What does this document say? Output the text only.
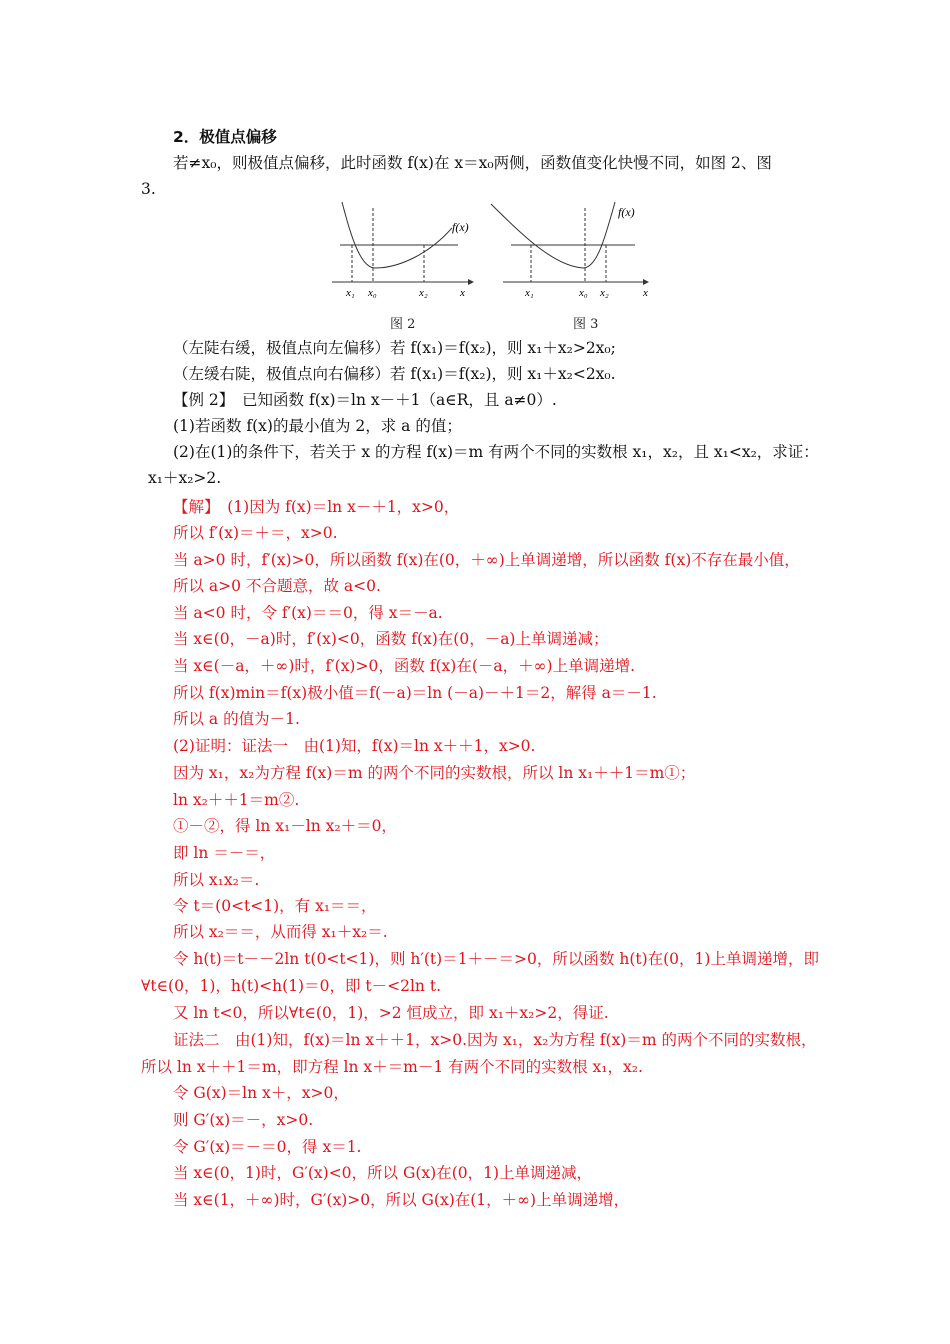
2．极值点偏移
若≠x₀，则极值点偏移，此时函数 f(x)在 x＝x₀两侧，函数值变化快慢不同，如图 2、图
3.
f(x)
x₁ x₀	x₂	x
图 2
f(x)
x₁	x₀ x₂	x
图 3
（左陡右缓，极值点向左偏移）若 f(x₁)＝f(x₂)，则 x₁＋x₂>2x₀;
（左缓右陡，极值点向右偏移）若 f(x₁)＝f(x₂)，则 x₁＋x₂<2x₀.
【例 2】　已知函数 f(x)＝ln x－＋1（a∈R，且 a≠0）.
(1)若函数 f(x)的最小值为 2，求 a 的值；
(2)在(1)的条件下，若关于 x 的方程 f(x)＝m 有两个不同的实数根 x₁，x₂，且 x₁<x₂，求证：
x₁＋x₂>2.
【解】　(1)因为 f(x)＝ln x－＋1，x>0，
所以 f′(x)＝＋＝，x>0.
当 a>0 时，f′(x)>0，所以函数 f(x)在(0，＋∞)上单调递增，所以函数 f(x)不存在最小值，
所以 a>0 不合题意，故 a<0.
当 a<0 时，令 f′(x)＝＝0，得 x＝－a.
当 x∈(0，－a)时，f′(x)<0，函数 f(x)在(0，－a)上单调递减；
当 x∈(－a，＋∞)时，f′(x)>0，函数 f(x)在(－a，＋∞)上单调递增.
所以 f(x)min＝f(x)极小值＝f(－a)＝ln (－a)－＋1＝2，解得 a＝－1.
所以 a 的值为－1.
(2)证明：证法一　由(1)知，f(x)＝ln x＋＋1，x>0.
因为 x₁，x₂为方程 f(x)＝m 的两个不同的实数根，所以 ln x₁＋＋1＝m①；
ln x₂＋＋1＝m②.
①－②，得 ln x₁－ln x₂＋＝0，
即 ln ＝－＝，
所以 x₁x₂＝.
令 t＝(0<t<1)，有 x₁＝＝，
所以 x₂＝＝，从而得 x₁＋x₂＝.
令 h(t)＝t－－2ln t(0<t<1)，则 h′(t)＝1＋－＝>0，所以函数 h(t)在(0，1)上单调递增，即
∀t∈(0，1)，h(t)<h(1)＝0，即 t－<2ln t.
又 ln t<0，所以∀t∈(0，1)，>2 恒成立，即 x₁＋x₂>2，得证.
证法二　由(1)知，f(x)＝ln x＋＋1，x>0.因为 x₁，x₂为方程 f(x)＝m 的两个不同的实数根，
所以 ln x＋＋1＝m，即方程 ln x＋＝m－1 有两个不同的实数根 x₁，x₂.
令 G(x)＝ln x＋，x>0，
则 G′(x)＝－，x>0.
令 G′(x)＝－＝0，得 x＝1.
当 x∈(0，1)时，G′(x)<0，所以 G(x)在(0，1)上单调递减，
当 x∈(1，＋∞)时，G′(x)>0，所以 G(x)在(1，＋∞)上单调递增，
